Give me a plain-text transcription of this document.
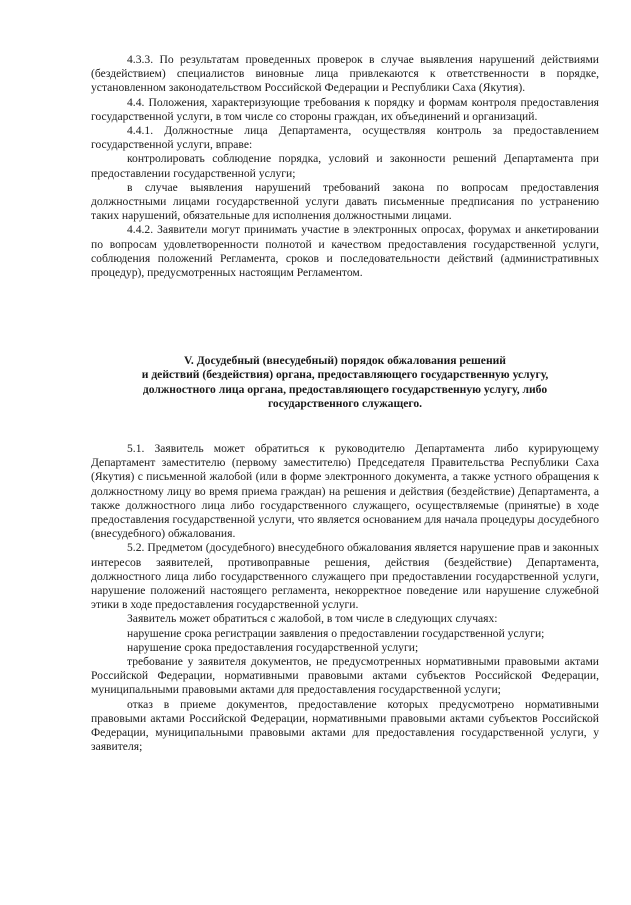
4.3.3. По результатам проведенных проверок в случае выявления нарушений действиями (бездействием) специалистов виновные лица привлекаются к ответственности в порядке, установленном законодательством Российской Федерации и Республики Саха (Якутия).

4.4. Положения, характеризующие требования к порядку и формам контроля предоставления государственной услуги, в том числе со стороны граждан, их объединений и организаций.

4.4.1. Должностные лица Департамента, осуществляя контроль за предоставлением государственной услуги, вправе:

контролировать соблюдение порядка, условий и законности решений Департамента при предоставлении государственной услуги;

в случае выявления нарушений требований закона по вопросам предоставления должностными лицами государственной услуги давать письменные предписания по устранению таких нарушений, обязательные для исполнения должностными лицами.

4.4.2. Заявители могут принимать участие в электронных опросах, форумах и анкетировании по вопросам удовлетворенности полнотой и качеством предоставления государственной услуги, соблюдения положений Регламента, сроков и последовательности действий (административных процедур), предусмотренных настоящим Регламентом.

V. Досудебный (внесудебный) порядок обжалования решений

и действий (бездействия) органа, предоставляющего государственную услугу,

должностного лица органа, предоставляющего государственную услугу, либо

государственного служащего.

5.1. Заявитель может обратиться к руководителю Департамента либо курирующему Департамент заместителю (первому заместителю) Председателя Правительства Республики Саха (Якутия) с письменной жалобой (или в форме электронного документа, а также устного обращения к должностному лицу во время приема граждан) на решения и действия (бездействие) Департамента, а также должностного лица либо государственного служащего, осуществляемые (принятые) в ходе предоставления государственной услуги, что является основанием для начала процедуры досудебного (внесудебного) обжалования.

5.2. Предметом (досудебного) внесудебного обжалования является нарушение прав и законных интересов заявителей, противоправные решения, действия (бездействие) Департамента, должностного лица либо государственного служащего при предоставлении государственной услуги, нарушение положений настоящего регламента, некорректное поведение или нарушение служебной этики в ходе предоставления государственной услуги.

Заявитель может обратиться с жалобой, в том числе в следующих случаях:

нарушение срока регистрации заявления о предоставлении государственной услуги;

нарушение срока предоставления государственной услуги;

требование у заявителя документов, не предусмотренных нормативными правовыми актами Российской Федерации, нормативными правовыми актами субъектов Российской Федерации, муниципальными правовыми актами для предоставления государственной услуги;

отказ в приеме документов, предоставление которых предусмотрено нормативными правовыми актами Российской Федерации, нормативными правовыми актами субъектов Российской Федерации, муниципальными правовыми актами для предоставления государственной услуги, у заявителя;
